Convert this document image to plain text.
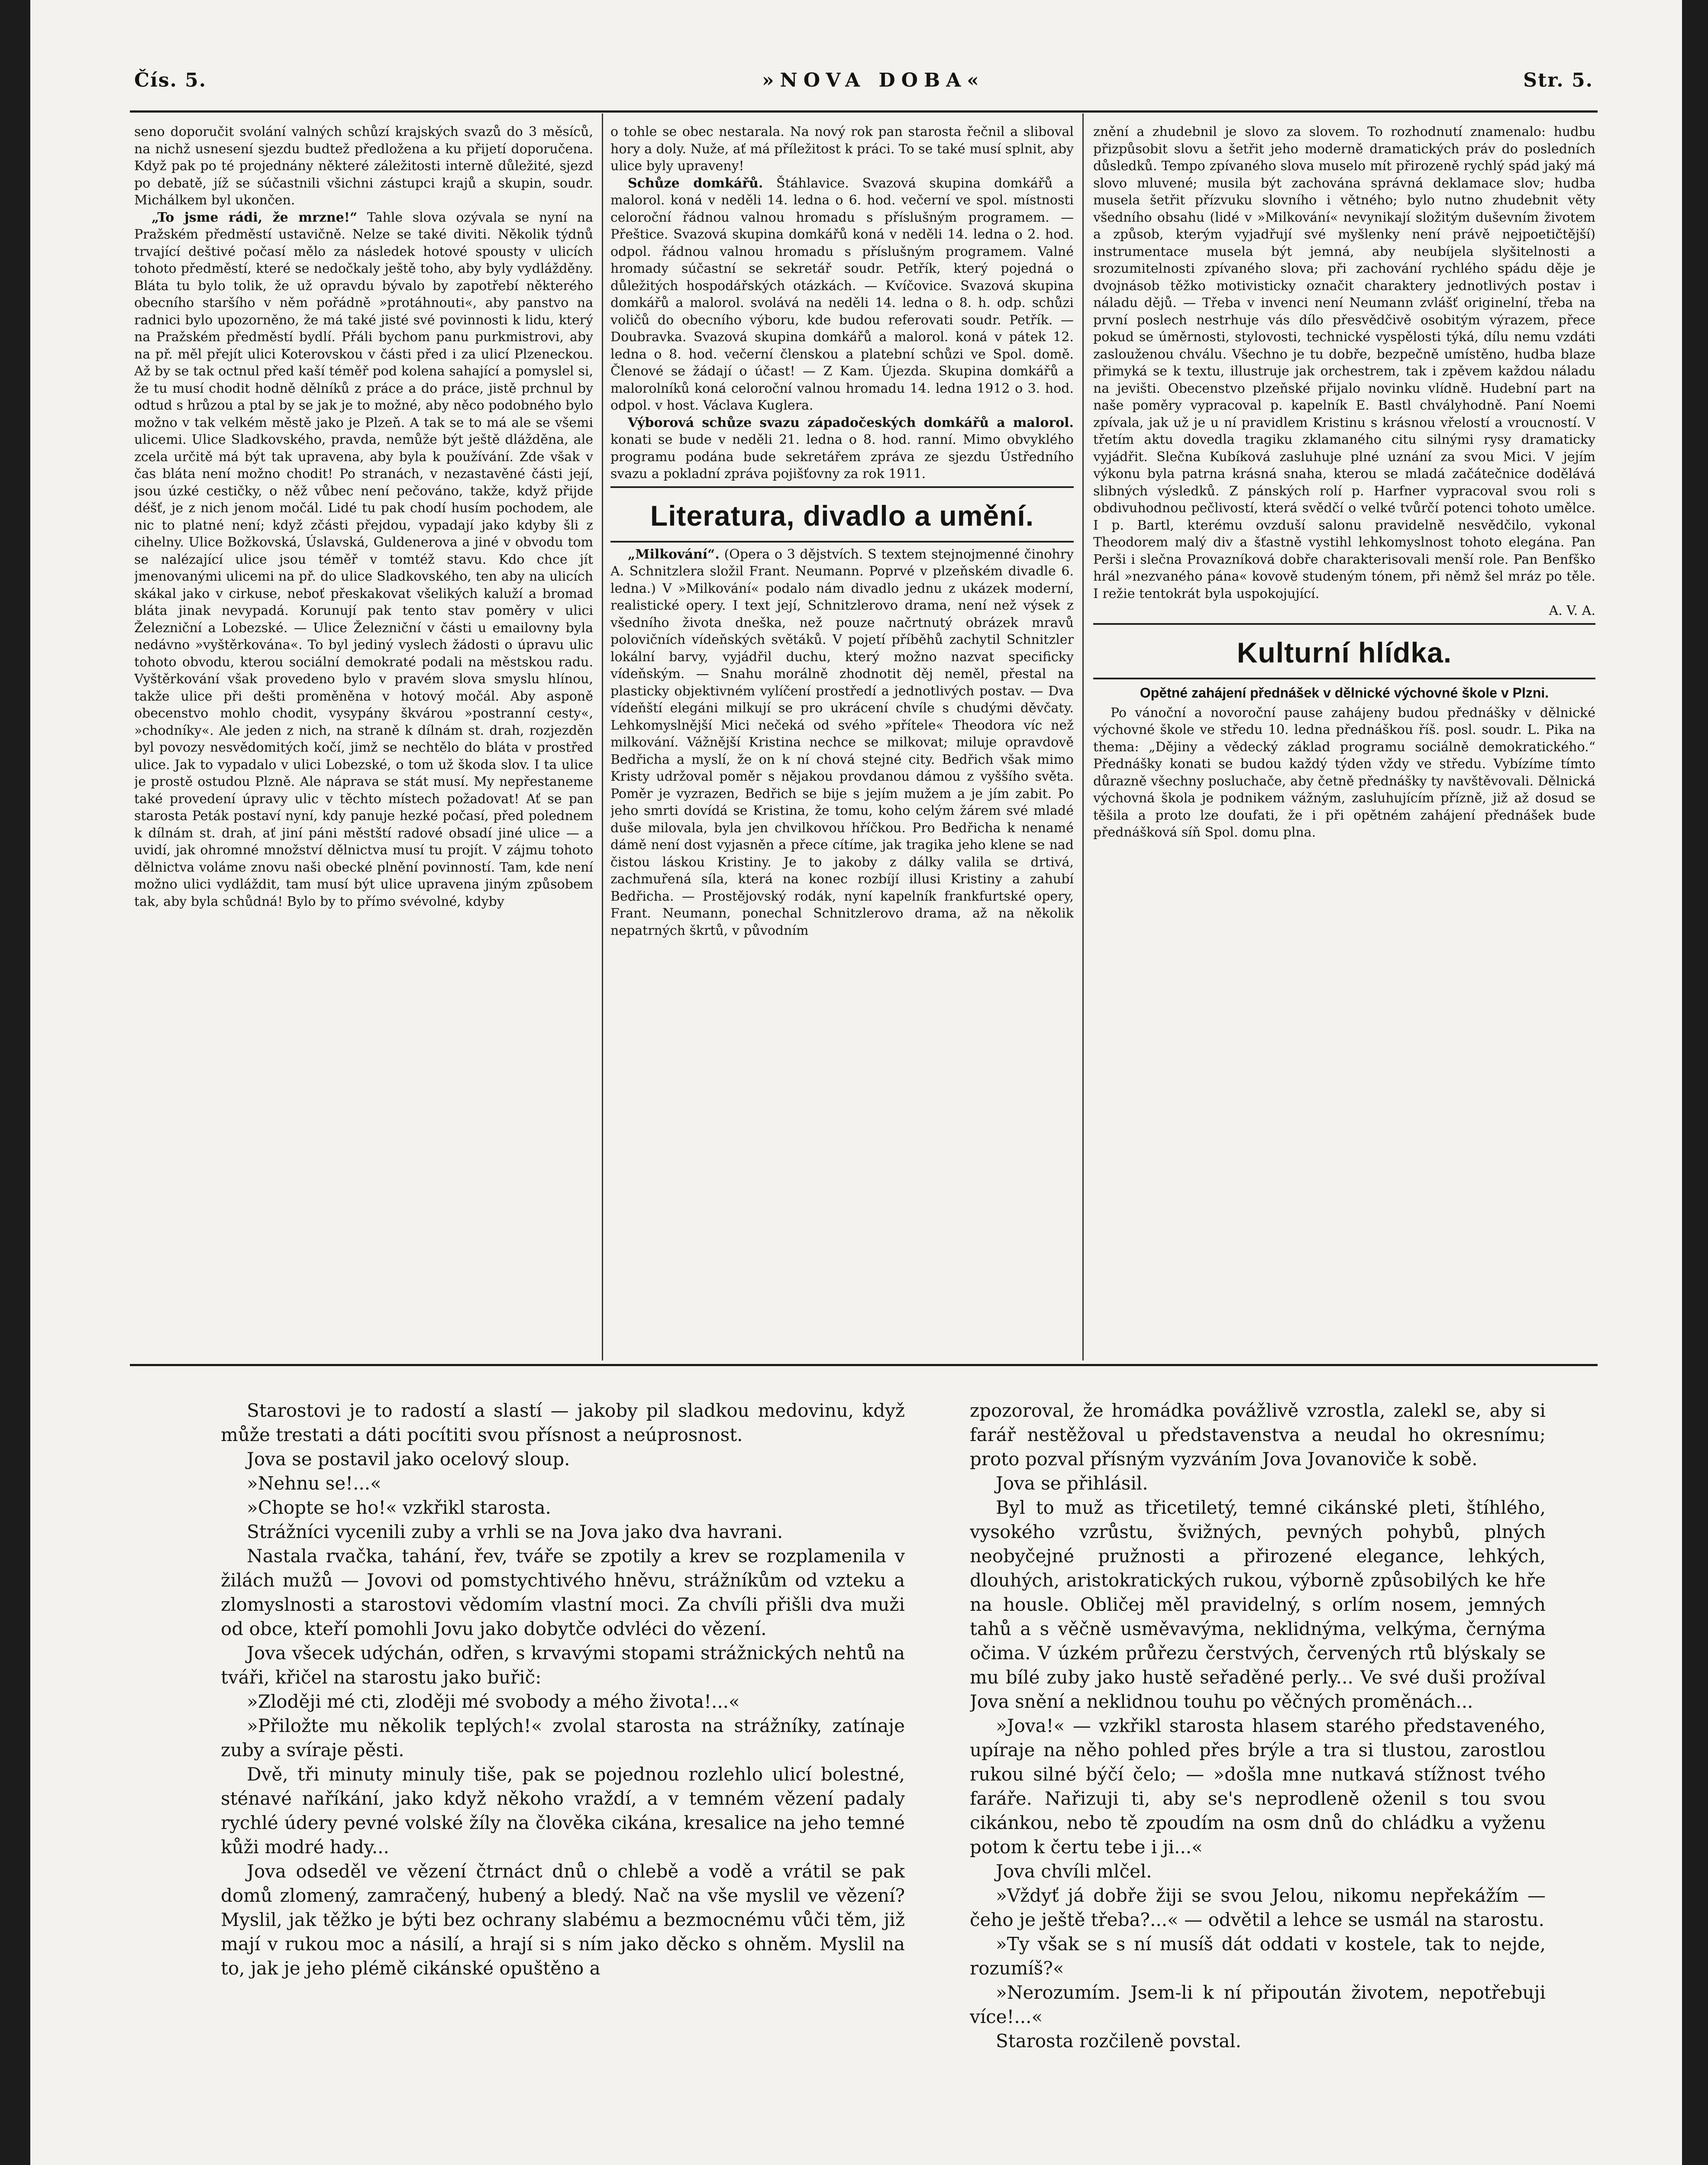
Čís. 5.	»NOVA DOBA«	Str. 5.

seno doporučit svolání valných schůzí krajských svazů do 3 měsíců, na nichž usnesení sjezdu budtež předložena a ku přijetí doporučena. Když pak po té projednány některé záležitosti interně důležité, sjezd po debatě, jíž se súčastnili všichni zástupci krajů a skupin, soudr. Michálkem byl ukončen.

„To jsme rádi, že mrzne!“ Tahle slova ozývala se nyní na Pražském předměstí ustavičně. Nelze se také diviti. Několik týdnů trvající deštivé počasí mělo za následek hotové spousty v ulicích tohoto předměstí, které se nedočkaly ještě toho, aby byly vydlážděny. Bláta tu bylo tolik, že už opravdu bývalo by zapotřebí některého obecního staršího v něm pořádně »protáhnouti«, aby panstvo na radnici bylo upozorněno, že má také jisté své povinnosti k lidu, který na Pražském předměstí bydlí. Přáli bychom panu purkmistrovi, aby na př. měl přejít ulici Koterovskou v části před i za ulicí Plzeneckou. Až by se tak octnul před kaší téměř pod kolena sahající a pomyslel si, že tu musí chodit hodně dělníků z práce a do práce, jistě prchnul by odtud s hrůzou a ptal by se jak je to možné, aby něco podobného bylo možno v tak velkém městě jako je Plzeň. A tak se to má ale se všemi ulicemi. Ulice Sladkovského, pravda, nemůže být ještě dlážděna, ale zcela určitě má být tak upravena, aby byla k používání. Zde však v čas bláta není možno chodit! Po stranách, v nezastavěné části její, jsou úzké cestičky, o něž vůbec není pečováno, takže, když přijde déšť, je z nich jenom močál. Lidé tu pak chodí husím pochodem, ale nic to platné není; když zčásti přejdou, vypadají jako kdyby šli z cihelny. Ulice Božkovská, Úslavská, Guldenerova a jiné v obvodu tom se nalézající ulice jsou téměř v tomtéž stavu. Kdo chce jít jmenovanými ulicemi na př. do ulice Sladkovského, ten aby na ulicích skákal jako v cirkuse, neboť přeskakovat všelikých kaluží a bromad bláta jinak nevypadá. Korunují pak tento stav poměry v ulici Železniční a Lobezské. — Ulice Železniční v části u emailovny byla nedávno »vyštěrkována«. To byl jediný vyslech žádosti o úpravu ulic tohoto obvodu, kterou sociální demokraté podali na městskou radu. Vyštěrkování však provedeno bylo v pravém slova smyslu hlínou, takže ulice při dešti proměněna v hotový močál. Aby asponě obecenstvo mohlo chodit, vysypány škvárou »postranní cesty«, »chodníky«. Ale jeden z nich, na straně k dílnám st. drah, rozjezděn byl povozy nesvědomitých kočí, jimž se nechtělo do bláta v prostřed ulice. Jak to vypadalo v ulici Lobezské, o tom už škoda slov. I ta ulice je prostě ostudou Plzně. Ale náprava se stát musí. My nepřestaneme také provedení úpravy ulic v těchto místech požadovat! Ať se pan starosta Peták postaví nyní, kdy panuje hezké počasí, před polednem k dílnám st. drah, ať jiní páni městští radové obsadí jiné ulice — a uvidí, jak ohromné množství dělnictva musí tu projít. V zájmu tohoto dělnictva voláme znovu naši obecké plnění povinností. Tam, kde není možno ulici vydláždit, tam musí být ulice upravena jiným způsobem tak, aby byla schůdná! Bylo by to přímo svévolné, kdyby

o tohle se obec nestarala. Na nový rok pan starosta řečnil a sliboval hory a doly. Nuže, ať má příležitost k práci. To se také musí splnit, aby ulice byly upraveny!

Schůze domkářů. Štáhlavice. Svazová skupina domkářů a malorol. koná v neděli 14. ledna o 6. hod. večerní ve spol. místnosti celoroční řádnou valnou hromadu s příslušným programem. — Přeštice. Svazová skupina domkářů koná v neděli 14. ledna o 2. hod. odpol. řádnou valnou hromadu s příslušným programem. Valné hromady súčastní se sekretář soudr. Petřík, který pojedná o důležitých hospodářských otázkách. — Kvíčovice. Svazová skupina domkářů a malorol. svolává na neděli 14. ledna o 8. h. odp. schůzi voličů do obecního výboru, kde budou referovati soudr. Petřík. — Doubravka. Svazová skupina domkářů a malorol. koná v pátek 12. ledna o 8. hod. večerní členskou a platební schůzi ve Spol. domě. Členové se žádají o účast! — Z Kam. Újezda. Skupina domkářů a malorolníků koná celoroční valnou hromadu 14. ledna 1912 o 3. hod. odpol. v host. Václava Kuglera.

Výborová schůze svazu západočeských domkářů a malorol. konati se bude v neděli 21. ledna o 8. hod. ranní. Mimo obvyklého programu podána bude sekretářem zpráva ze sjezdu Ústředního svazu a pokladní zpráva pojišťovny za rok 1911.

Literatura, divadlo a umění.

„Milkování“. (Opera o 3 dějstvích. S textem stejnojmenné činohry A. Schnitzlera složil Frant. Neumann. Poprvé v plzeňském divadle 6. ledna.) V »Milkování« podalo nám divadlo jednu z ukázek moderní, realistické opery. I text její, Schnitzlerovo drama, není než výsek z všedního života dneška, než pouze načrtnutý obrázek mravů polovičních vídeňských světáků. V pojetí příběhů zachytil Schnitzler lokální barvy, vyjádřil duchu, který možno nazvat specificky vídeňským. — Snahu morálně zhodnotit děj neměl, přestal na plasticky objektivném vylíčení prostředí a jednotlivých postav. — Dva vídeňští elegáni milkují se pro ukrácení chvíle s chudými děvčaty. Lehkomyslnější Mici nečeká od svého »přítele« Theodora víc než milkování. Vážnější Kristina nechce se milkovat; miluje opravdově Bedřicha a myslí, že on k ní chová stejné city. Bedřich však mimo Kristy udržoval poměr s nějakou provdanou dámou z vyššího světa. Poměr je vyzrazen, Bedřich se bije s jejím mužem a je jím zabit. Po jeho smrti dovídá se Kristina, že tomu, koho celým žárem své mladé duše milovala, byla jen chvilkovou hříčkou. Pro Bedřicha k nenamé dámě není dost vyjasněn a přece cítíme, jak tragika jeho klene se nad čistou láskou Kristiny. Je to jakoby z dálky valila se drtivá, zachmuřená síla, která na konec rozbíjí illusi Kristiny a zahubí Bedřicha. — Prostějovský rodák, nyní kapelník frankfurtské opery, Frant. Neumann, ponechal Schnitzlerovo drama, až na několik nepatrných škrtů, v původním

znění a zhudebnil je slovo za slovem. To rozhodnutí znamenalo: hudbu přizpůsobit slovu a šetřit jeho moderně dramatických práv do posledních důsledků. Tempo zpívaného slova muselo mít přirozeně rychlý spád jaký má slovo mluvené; musila být zachována správná deklamace slov; hudba musela šetřit přízvuku slovního i větného; bylo nutno zhudebnit věty všedního obsahu (lidé v »Milkování« nevynikají složitým duševním životem a způsob, kterým vyjadřují své myšlenky není právě nejpoetičtější) instrumentace musela být jemná, aby neubíjela slyšitelnosti a srozumitelnosti zpívaného slova; při zachování rychlého spádu děje je dvojnásob těžko motivisticky označit charaktery jednotlivých postav i náladu dějů. — Třeba v invenci není Neumann zvlášť originelní, třeba na první poslech nestrhuje vás dílo přesvědčivě osobitým výrazem, přece pokud se úměrnosti, stylovosti, technické vyspělosti týká, dílu nemu vzdáti zaslouženou chválu. Všechno je tu dobře, bezpečně umístěno, hudba blaze přimyká se k textu, illustruje jak orchestrem, tak i zpěvem každou náladu na jevišti. Obecenstvo plzeňské přijalo novinku vlídně. Hudební part na naše poměry vypracoval p. kapelník E. Bastl chvályhodně. Paní Noemi zpívala, jak už je u ní pravidlem Kristinu s krásnou vřelostí a vroucností. V třetím aktu dovedla tragiku zklamaného citu silnými rysy dramaticky vyjádřit. Slečna Kubíková zasluhuje plné uznání za svou Mici. V jejím výkonu byla patrna krásná snaha, kterou se mladá začátečnice dodělává slibných výsledků. Z pánských rolí p. Harfner vypracoval svou roli s obdivuhodnou pečlivostí, která svědčí o velké tvůrčí potenci tohoto umělce. I p. Bartl, kterému ovzduší salonu pravidelně nesvědčilo, vykonal Theodorem malý div a šťastně vystihl lehkomyslnost tohoto elegána. Pan Perši i slečna Provazníková dobře charakterisovali menší role. Pan Benfško hrál »nezvaného pána« kovově studeným tónem, při němž šel mráz po těle. I režie tentokrát byla uspokojující.

A. V. A.

Kulturní hlídka.
Opětné zahájení přednášek v dělnické výchovné škole v Plzni.

Po vánoční a novoroční pause zahájeny budou přednášky v dělnické výchovné škole ve středu 10. ledna přednáškou říš. posl. soudr. L. Pika na thema: „Dějiny a vědecký základ programu sociálně demokratického.“ Přednášky konati se budou každý týden vždy ve středu. Vybízíme tímto důrazně všechny posluchače, aby četně přednášky ty navštěvovali. Dělnická výchovná škola je podnikem vážným, zasluhujícím přízně, již až dosud se těšila a proto lze doufati, že i při opětném zahájení přednášek bude přednášková síň Spol. domu plna.

Starostovi je to radostí a slastí — jakoby pil sladkou medovinu, když může trestati a dáti pocítiti svou přísnost a neúprosnost.

Jova se postavil jako ocelový sloup.

»Nehnu se!...«

»Chopte se ho!« vzkřikl starosta.

Strážníci vycenili zuby a vrhli se na Jova jako dva havrani.

Nastala rvačka, tahání, řev, tváře se zpotily a krev se rozplamenila v žilách mužů — Jovovi od pomstychtivého hněvu, strážníkům od vzteku a zlomyslnosti a starostovi vědomím vlastní moci. Za chvíli přišli dva muži od obce, kteří pomohli Jovu jako dobytče odvléci do vězení.

Jova všecek udýchán, odřen, s krvavými stopami strážnických nehtů na tváři, křičel na starostu jako buřič:

»Zloději mé cti, zloději mé svobody a mého života!...«

»Přiložte mu několik teplých!« zvolal starosta na strážníky, zatínaje zuby a svíraje pěsti.

Dvě, tři minuty minuly tiše, pak se pojednou rozlehlo ulicí bolestné, sténavé naříkání, jako když někoho vraždí, a v temném vězení padaly rychlé údery pevné volské žíly na člověka cikána, kresalice na jeho temné kůži modré hady...

Jova odseděl ve vězení čtrnáct dnů o chlebě a vodě a vrátil se pak domů zlomený, zamračený, hubený a bledý. Nač na vše myslil ve vězení? Myslil, jak těžko je býti bez ochrany slabému a bezmocnému vůči těm, již mají v rukou moc a násilí, a hrají si s ním jako děcko s ohněm. Myslil na to, jak je jeho plémě cikánské opuštěno a

zpozoroval, že hromádka povážlivě vzrostla, zalekl se, aby si farář nestěžoval u představenstva a neudal ho okresnímu; proto pozval přísným vyzváním Jova Jovanoviče k sobě.

Jova se přihlásil.

Byl to muž as třicetiletý, temné cikánské pleti, štíhlého, vysokého vzrůstu, švižných, pevných pohybů, plných neobyčejné pružnosti a přirozené elegance, lehkých, dlouhých, aristokratických rukou, výborně způsobilých ke hře na housle. Obličej měl pravidelný, s orlím nosem, jemných tahů a s věčně usměvavýma, neklidnýma, velkýma, černýma očima. V úzkém průřezu čerstvých, červených rtů blýskaly se mu bílé zuby jako hustě seřaděné perly... Ve své duši prožíval Jova snění a neklidnou touhu po věčných proměnách...

»Jova!« — vzkřikl starosta hlasem starého představeného, upíraje na něho pohled přes brýle a tra si tlustou, zarostlou rukou silné býčí čelo; — »došla mne nutkavá stížnost tvého faráře. Nařizuji ti, aby se's neprodleně oženil s tou svou cikánkou, nebo tě zpoudím na osm dnů do chládku a vyženu potom k čertu tebe i ji...«

Jova chvíli mlčel.

»Vždyť já dobře žiji se svou Jelou, nikomu nepřekážím — čeho je ještě třeba?...« — odvětil a lehce se usmál na starostu.

»Ty však se s ní musíš dát oddati v kostele, tak to nejde, rozumíš?«

»Nerozumím. Jsem-li k ní připoután životem, nepotřebuji více!...«

Starosta rozčileně povstal.
